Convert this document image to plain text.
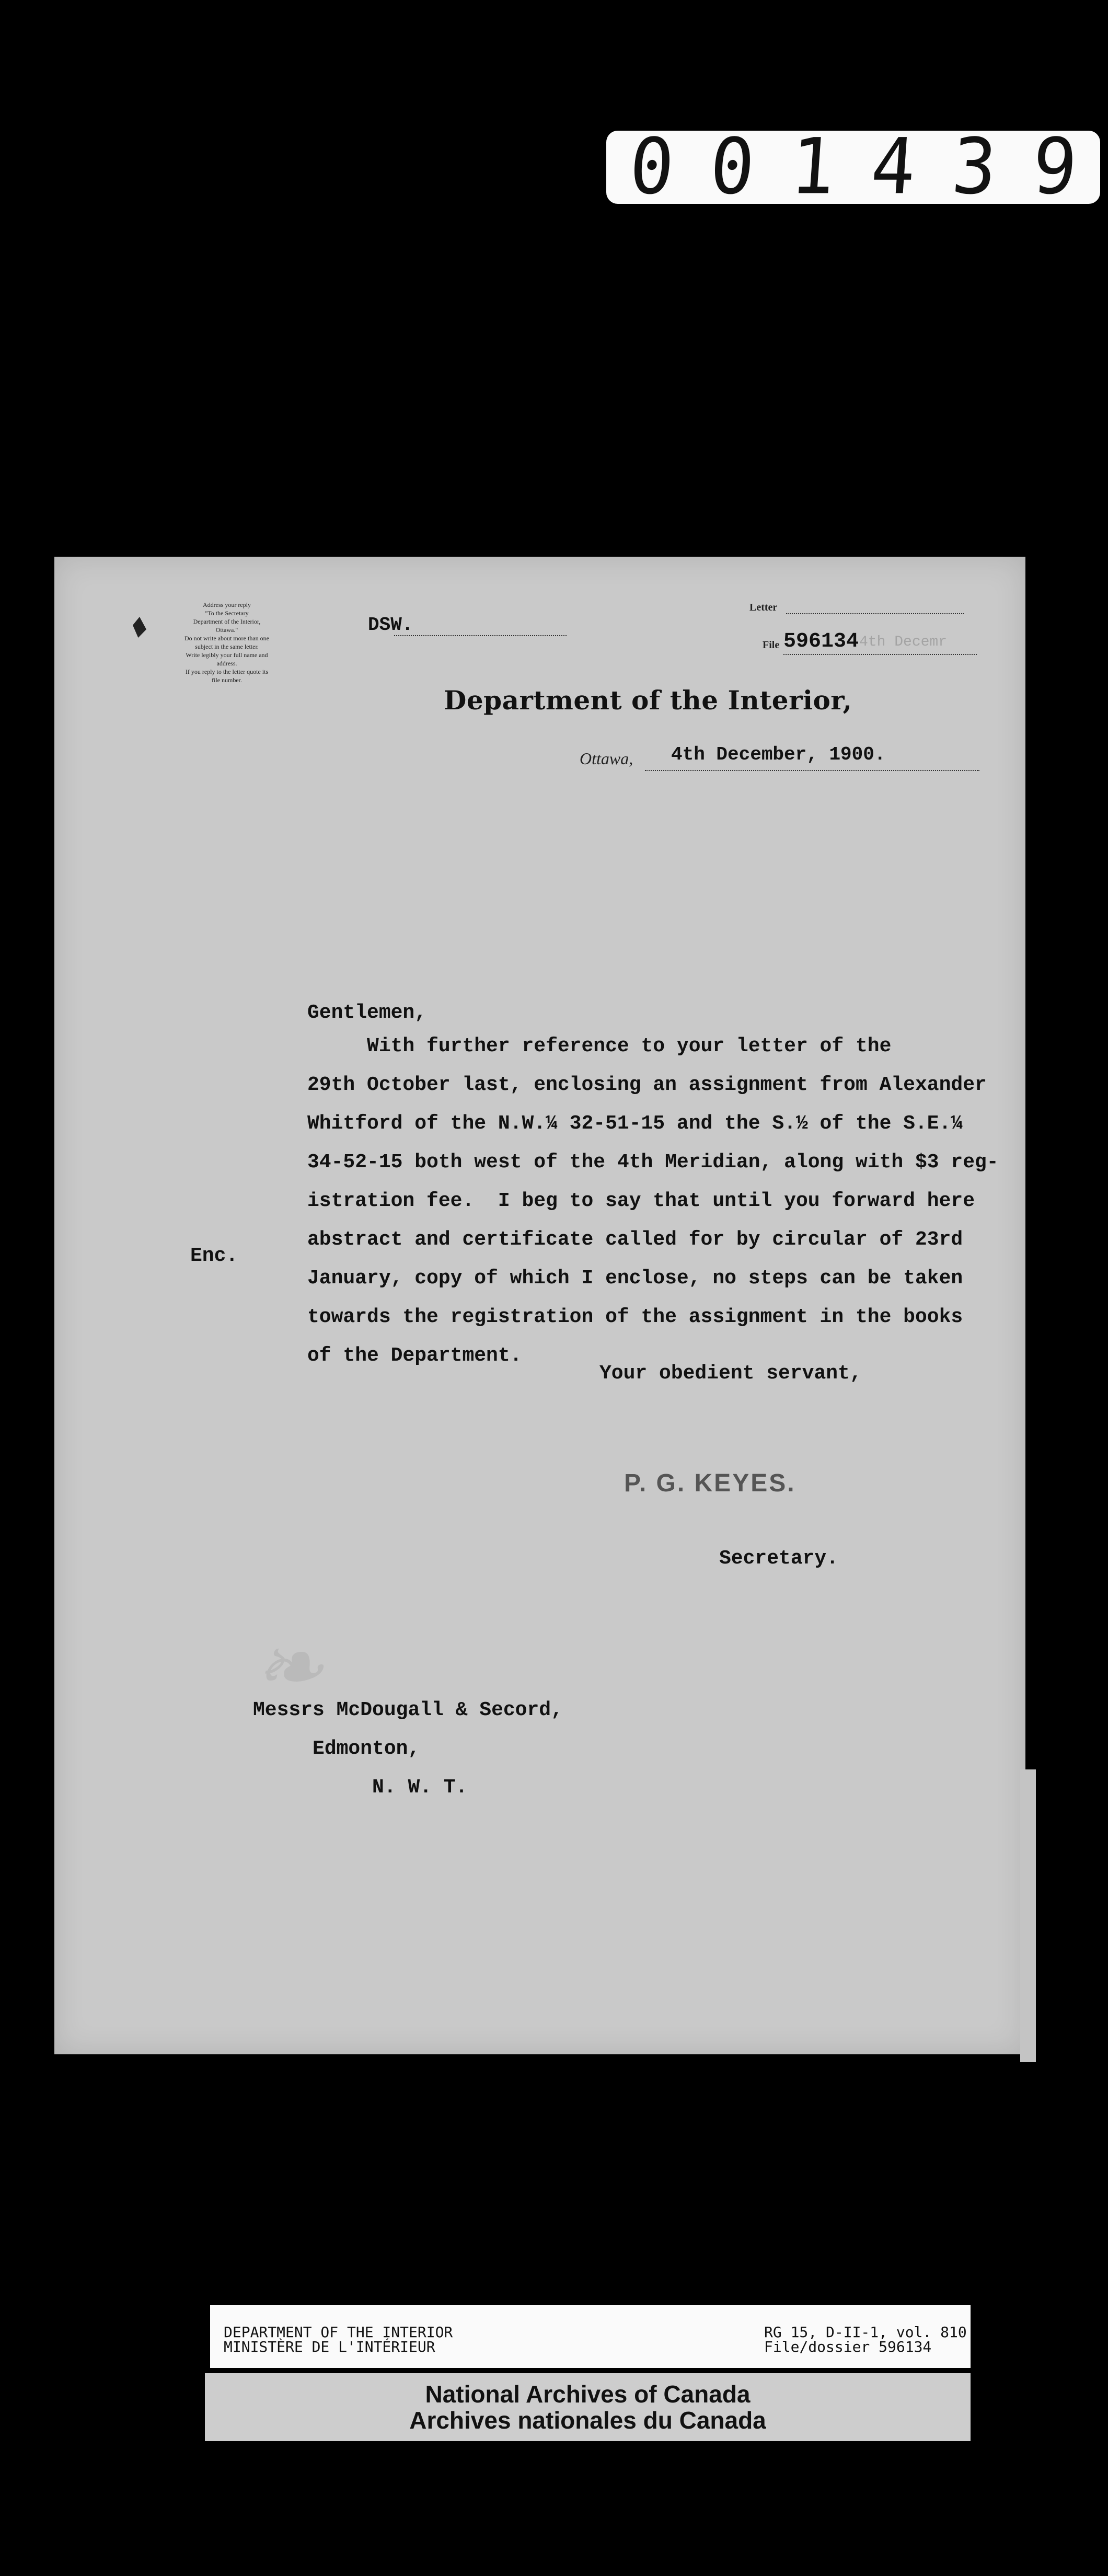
0 0 1 4 3 9

Address your reply

"To the Secretary

Department of the Interior,

Ottawa."

Do not write about more than one

subject in the same letter.

Write legibly your full name and

address.

If you reply to the letter quote its

file number.

DSW.
Letter
File 596134 4th Decemr
Department of the Interior,
Ottawa, 4th December, 1900.
Gentlemen,
With further reference to your letter of the
29th October last, enclosing an assignment from Alexander
Whitford of the N.W.¼ 32-51-15 and the S.½ of the S.E.¼
34-52-15 both west of the 4th Meridian, along with $3 reg-
istration fee.  I beg to say that until you forward here
abstract and certificate called for by circular of 23rd
January, copy of which I enclose, no steps can be taken
towards the registration of the assignment in the books
of the Department.
Enc.
Your obedient servant,
P. G. KEYES.
Secretary.
❧
Messrs McDougall & Secord,
Edmonton,
N. W. T.

DEPARTMENT OF THE INTERIOR

MINISTÈRE DE L'INTÉRIEUR

RG 15, D-II-1, vol. 810

File/dossier 596134

National Archives of Canada

Archives nationales du Canada
